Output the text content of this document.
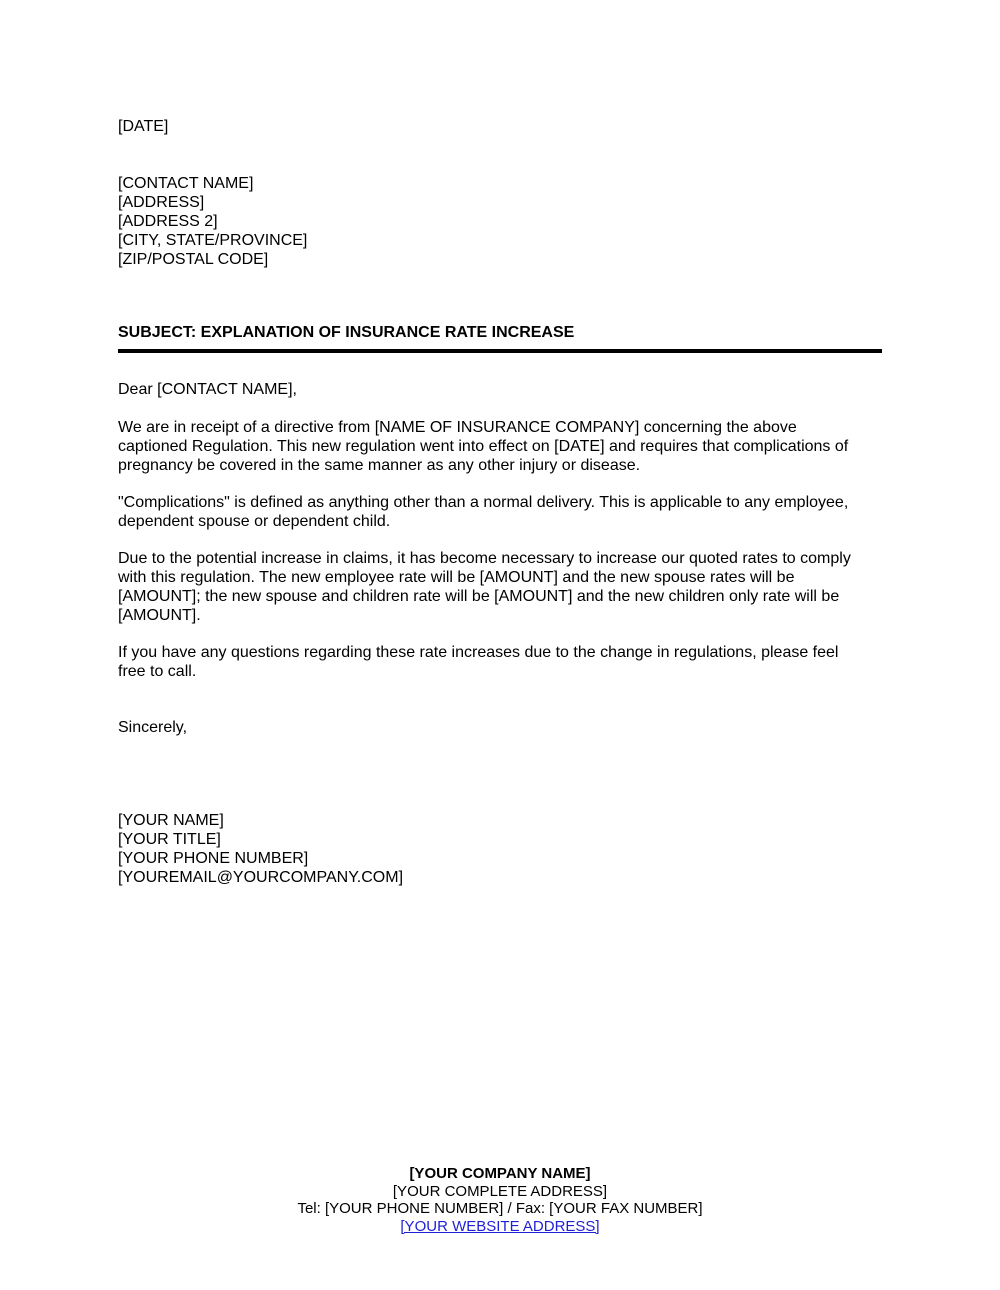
[DATE]
[CONTACT NAME]
[ADDRESS]
[ADDRESS 2]
[CITY, STATE/PROVINCE]
[ZIP/POSTAL CODE]
SUBJECT: EXPLANATION OF INSURANCE RATE INCREASE
Dear [CONTACT NAME],
We are in receipt of a directive from [NAME OF INSURANCE COMPANY] concerning the above
captioned Regulation. This new regulation went into effect on [DATE] and requires that complications of
pregnancy be covered in the same manner as any other injury or disease.
"Complications" is defined as anything other than a normal delivery. This is applicable to any employee,
dependent spouse or dependent child.
Due to the potential increase in claims, it has become necessary to increase our quoted rates to comply
with this regulation. The new employee rate will be [AMOUNT] and the new spouse rates will be
[AMOUNT]; the new spouse and children rate will be [AMOUNT] and the new children only rate will be
[AMOUNT].
If you have any questions regarding these rate increases due to the change in regulations, please feel
free to call.
Sincerely,
[YOUR NAME]
[YOUR TITLE]
[YOUR PHONE NUMBER]
[YOUREMAIL@YOURCOMPANY.COM]
[YOUR COMPANY NAME]
[YOUR COMPLETE ADDRESS]
Tel: [YOUR PHONE NUMBER] / Fax: [YOUR FAX NUMBER]
[YOUR WEBSITE ADDRESS]
